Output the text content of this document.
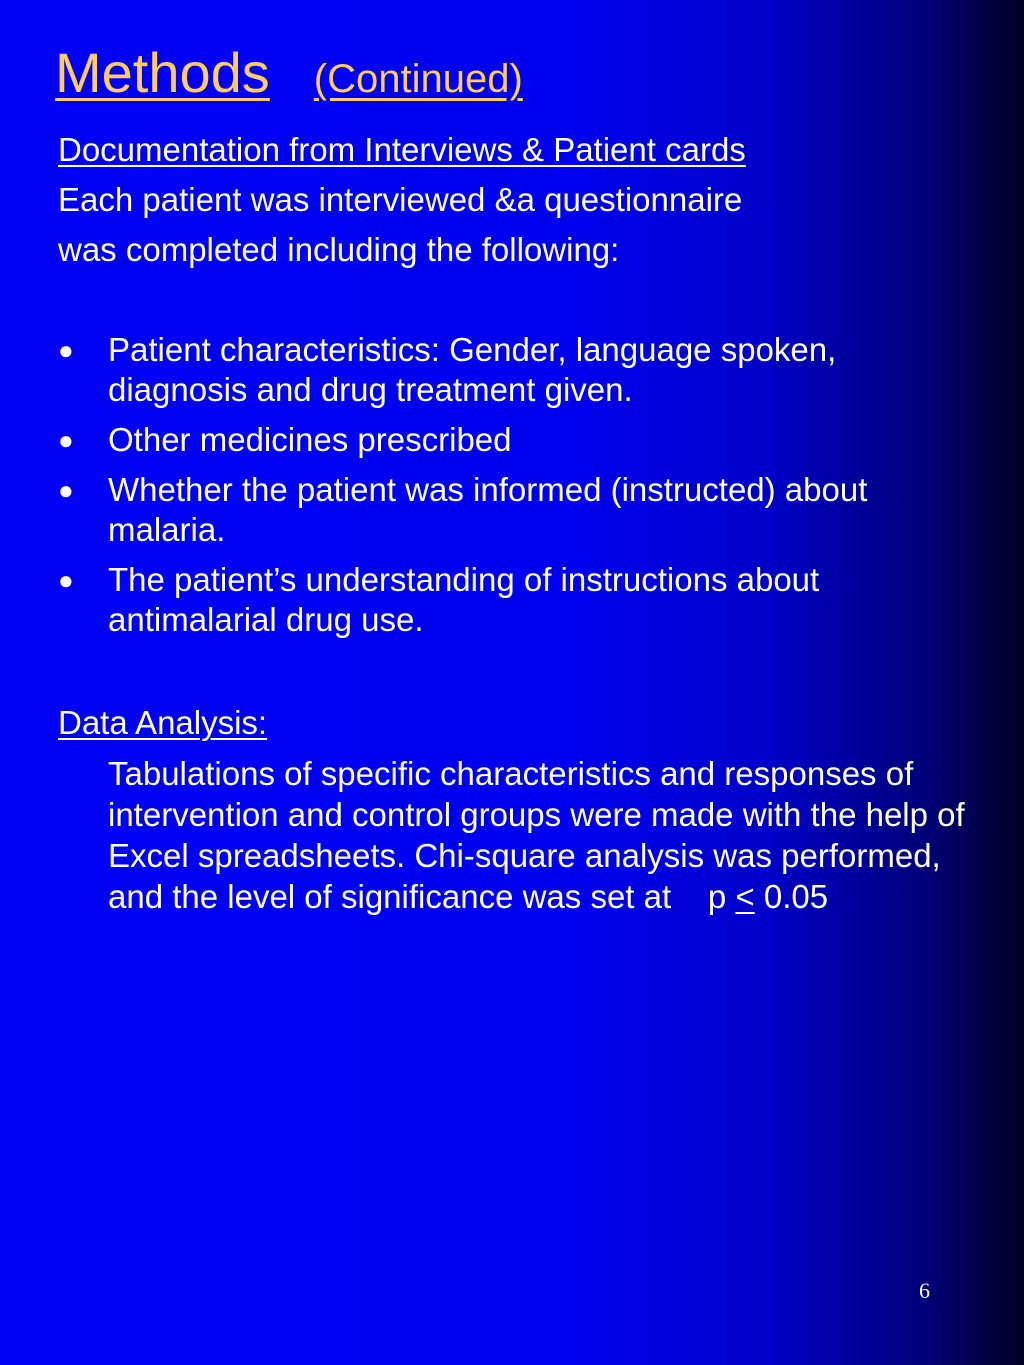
Methods (Continued)
Documentation from Interviews & Patient cards
Each patient was interviewed &a questionnaire
was completed including the following:
● Patient characteristics: Gender, language spoken, diagnosis and drug treatment given.
● Other medicines prescribed
● Whether the patient was informed (instructed) about malaria.
● The patient’s understanding of instructions about antimalarial drug use.
Data Analysis:
Tabulations of specific characteristics and responses of intervention and control groups were made with the help of Excel spreadsheets. Chi-square analysis was performed, and the level of significance was set at p < 0.05
6
